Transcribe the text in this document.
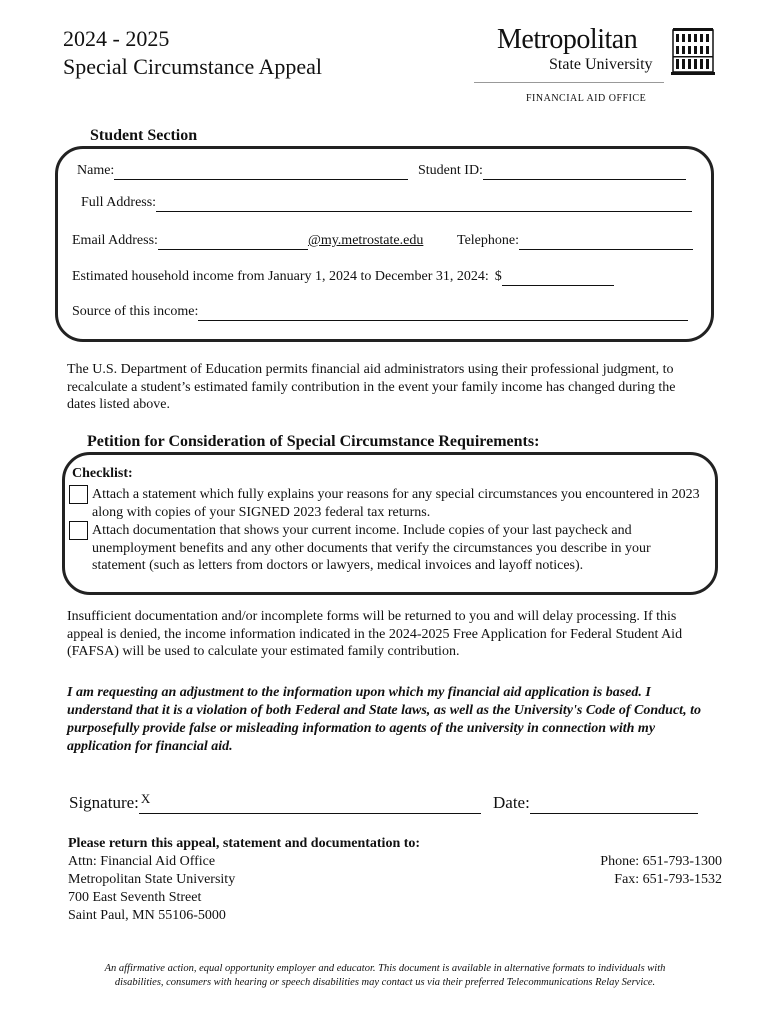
2024 - 2025
Special Circumstance Appeal
Metropolitan
State University
FINANCIAL AID OFFICE
Student Section
Name:	Student ID:
Full Address:
Email Address:	@my.metrostate.edu Telephone:
Estimated household income from January 1, 2024 to December 31, 2024: $
Source of this income:
The U.S. Department of Education permits financial aid administrators using their professional judgment, to recalculate a student’s estimated family contribution in the event your family income has changed during the dates listed above.
Petition for Consideration of Special Circumstance Requirements:
Checklist:
Attach a statement which fully explains your reasons for any special circumstances you encountered in 2023 along with copies of your SIGNED 2023 federal tax returns.
Attach documentation that shows your current income. Include copies of your last paycheck and unemployment benefits and any other documents that verify the circumstances you describe in your statement (such as letters from doctors or lawyers, medical invoices and layoff notices).
Insufficient documentation and/or incomplete forms will be returned to you and will delay processing. If this appeal is denied, the income information indicated in the 2024-2025 Free Application for Federal Student Aid (FAFSA) will be used to calculate your estimated family contribution.
I am requesting an adjustment to the information upon which my financial aid application is based. I understand that it is a violation of both Federal and State laws, as well as the University's Code of Conduct, to purposefully provide false or misleading information to agents of the university in connection with my application for financial aid.
Signature: X	Date:
Please return this appeal, statement and documentation to:
Attn: Financial Aid Office
Metropolitan State University
700 East Seventh Street
Saint Paul, MN 55106-5000
Phone: 651-793-1300
Fax: 651-793-1532
An affirmative action, equal opportunity employer and educator. This document is available in alternative formats to individuals with disabilities, consumers with hearing or speech disabilities may contact us via their preferred Telecommunications Relay Service.
